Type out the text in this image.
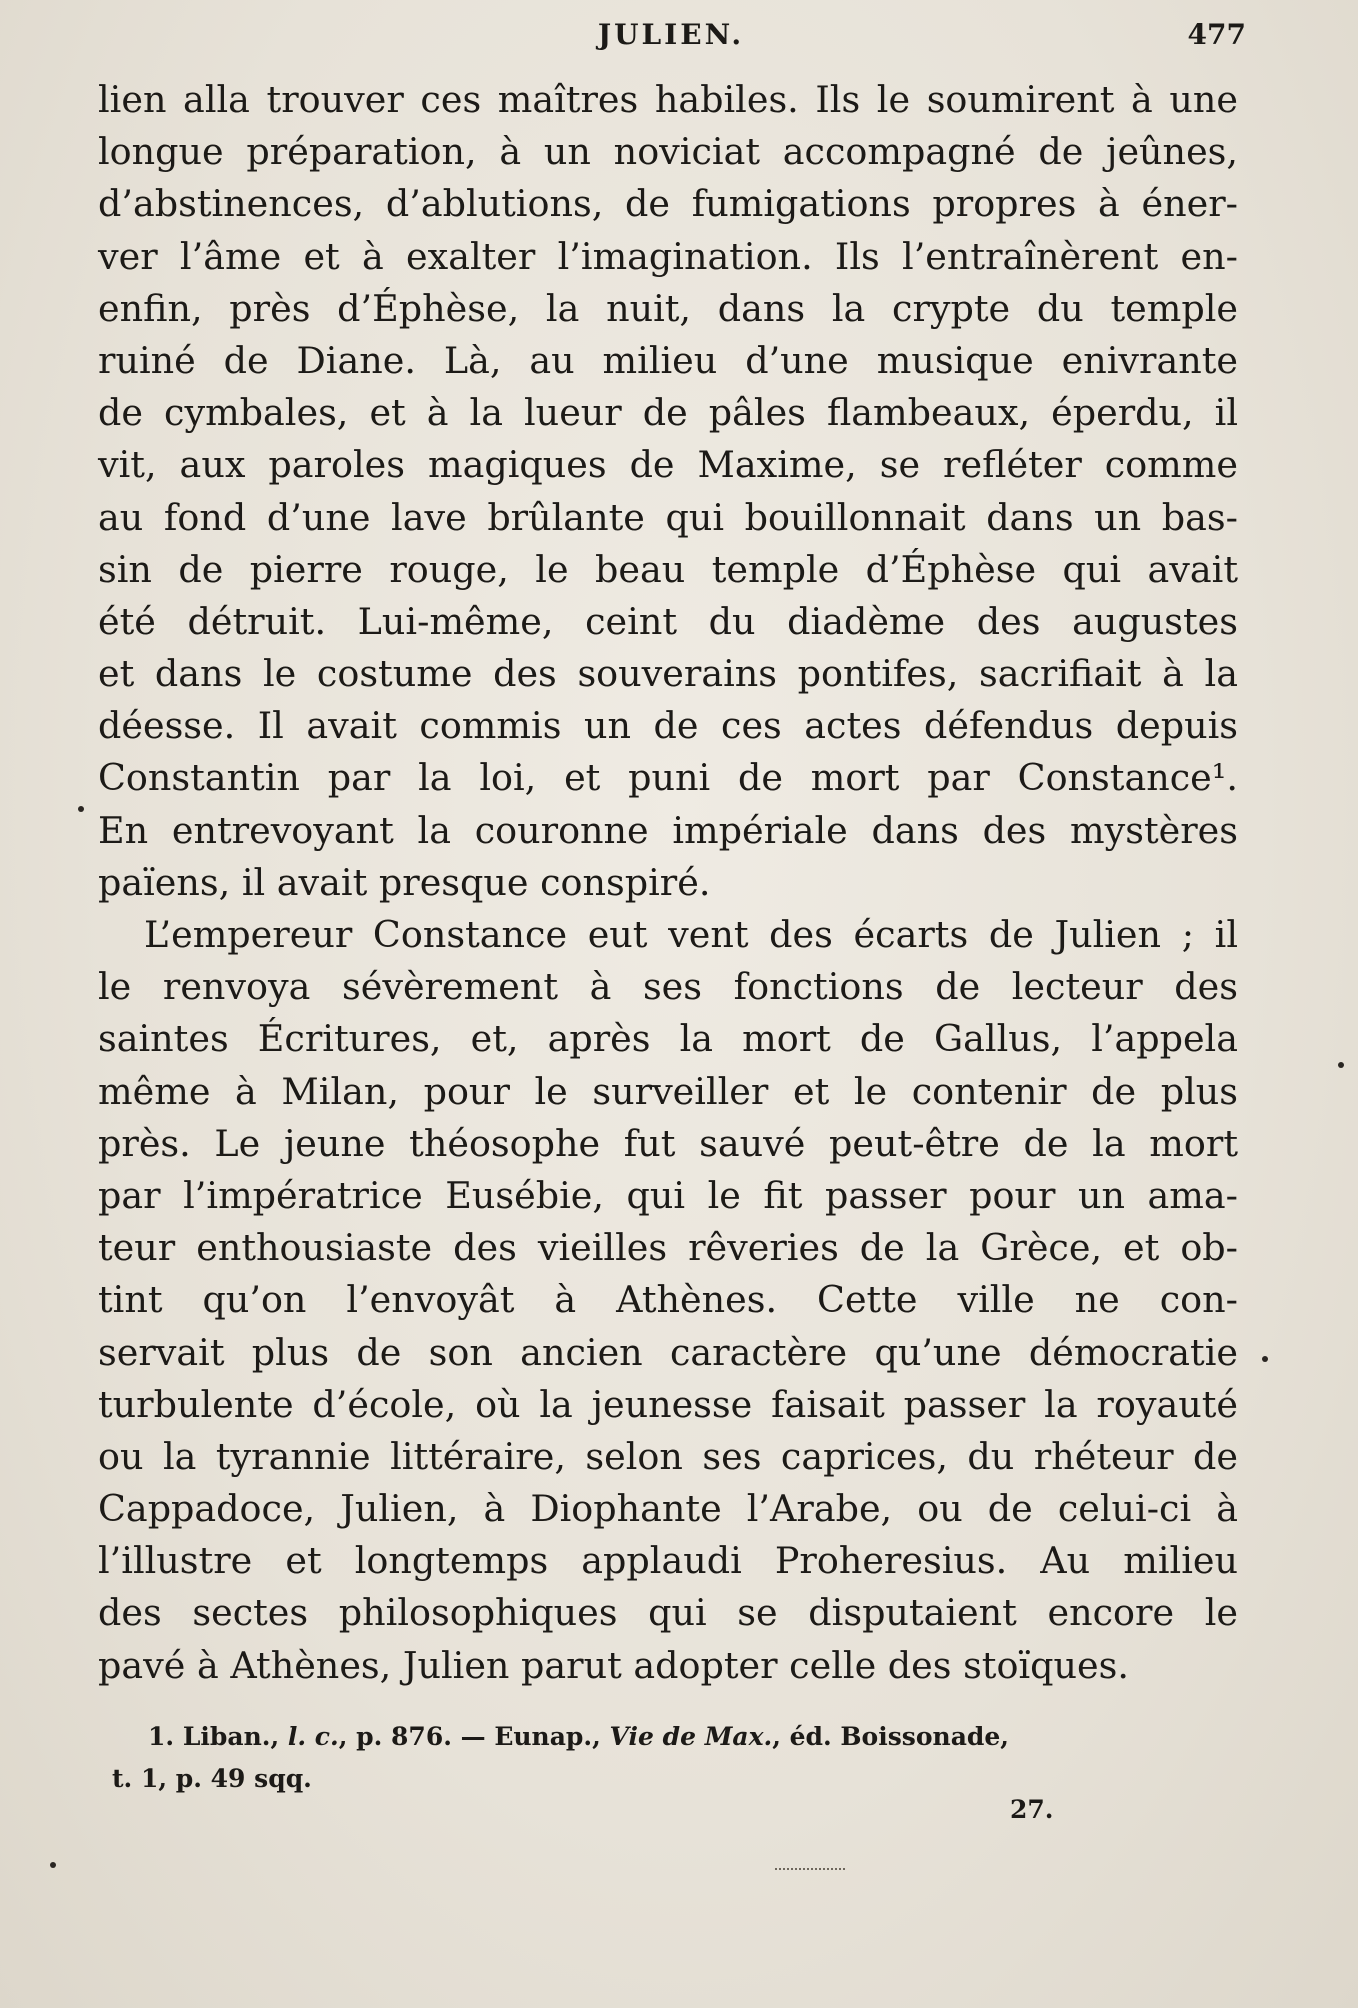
JULIEN.	477
lien alla trouver ces maîtres habiles. Ils le soumirent à une
longue préparation, à un noviciat accompagné de jeûnes,
d’abstinences, d’ablutions, de fumigations propres à éner-
ver l’âme et à exalter l’imagination. Ils l’entraînèrent en-
enfin, près d’Éphèse, la nuit, dans la crypte du temple
ruiné de Diane. Là, au milieu d’une musique enivrante
de cymbales, et à la lueur de pâles flambeaux, éperdu, il
vit, aux paroles magiques de Maxime, se refléter comme
au fond d’une lave brûlante qui bouillonnait dans un bas-
sin de pierre rouge, le beau temple d’Éphèse qui avait
été détruit. Lui-même, ceint du diadème des augustes
et dans le costume des souverains pontifes, sacrifiait à la
déesse. Il avait commis un de ces actes défendus depuis
Constantin par la loi, et puni de mort par Constance¹.
En entrevoyant la couronne impériale dans des mystères
païens, il avait presque conspiré.
L’empereur Constance eut vent des écarts de Julien ; il
le renvoya sévèrement à ses fonctions de lecteur des
saintes Écritures, et, après la mort de Gallus, l’appela
même à Milan, pour le surveiller et le contenir de plus
près. Le jeune théosophe fut sauvé peut-être de la mort
par l’impératrice Eusébie, qui le fit passer pour un ama-
teur enthousiaste des vieilles rêveries de la Grèce, et ob-
tint qu’on l’envoyât à Athènes. Cette ville ne con-
servait plus de son ancien caractère qu’une démocratie
turbulente d’école, où la jeunesse faisait passer la royauté
ou la tyrannie littéraire, selon ses caprices, du rhéteur de
Cappadoce, Julien, à Diophante l’Arabe, ou de celui-ci à
l’illustre et longtemps applaudi Proheresius. Au milieu
des sectes philosophiques qui se disputaient encore le
pavé à Athènes, Julien parut adopter celle des stoïques.
1. Liban., l. c., p. 876. — Eunap., Vie de Max., éd. Boissonade,
t. 1, p. 49 sqq.
27.
